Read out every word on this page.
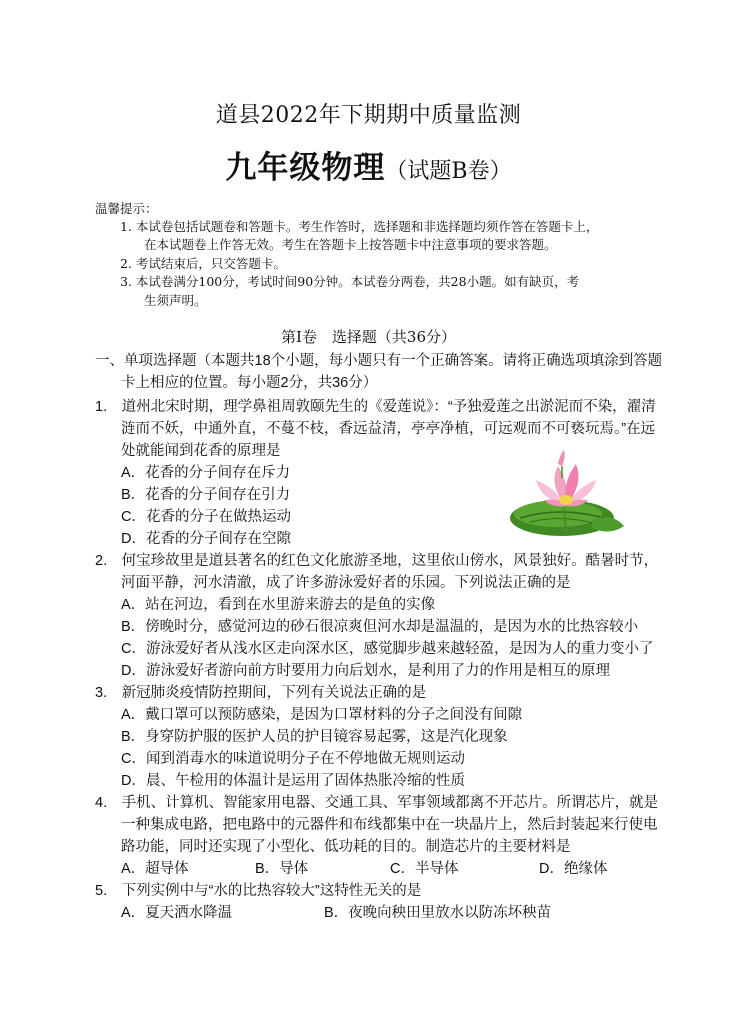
道县2022年下期期中质量监测
九年级物理（试题B卷）
温馨提示：
1. 本试卷包括试题卷和答题卡。考生作答时，选择题和非选择题均须作答在答题卡上，
在本试题卷上作答无效。考生在答题卡上按答题卡中注意事项的要求答题。
2. 考试结束后，只交答题卡。
3. 本试卷满分100分，考试时间90分钟。本试卷分两卷，共28小题。如有缺页，考
生须声明。
第Ⅰ卷　选择题（共36分）
一、单项选择题（本题共18个小题，每小题只有一个正确答案。请将正确选项填涂到答题
卡上相应的位置。每小题2分，共36分）
1.　道州北宋时期，理学鼻祖周敦颐先生的《爱莲说》：“予独爱莲之出淤泥而不染，濯清
涟而不妖，中通外直，不蔓不枝，香远益清，亭亭净植，可远观而不可亵玩焉。”在远
处就能闻到花香的原理是
A．花香的分子间存在斥力
B．花香的分子间存在引力
C．花香的分子在做热运动
D．花香的分子间存在空隙
2.　何宝珍故里是道县著名的红色文化旅游圣地，这里依山傍水，风景独好。酷暑时节，
河面平静，河水清澈，成了许多游泳爱好者的乐园。下列说法正确的是
A．站在河边，看到在水里游来游去的是鱼的实像
B．傍晚时分，感觉河边的砂石很凉爽但河水却是温温的，是因为水的比热容较小
C．游泳爱好者从浅水区走向深水区，感觉脚步越来越轻盈，是因为人的重力变小了
D．游泳爱好者游向前方时要用力向后划水，是利用了力的作用是相互的原理
3.　新冠肺炎疫情防控期间，下列有关说法正确的是
A．戴口罩可以预防感染，是因为口罩材料的分子之间没有间隙
B．身穿防护服的医护人员的护目镜容易起雾，这是汽化现象
C．闻到消毒水的味道说明分子在不停地做无规则运动
D．晨、午检用的体温计是运用了固体热胀冷缩的性质
4.　手机、计算机、智能家用电器、交通工具、军事领域都离不开芯片。所谓芯片，就是
一种集成电路，把电路中的元器件和布线都集中在一块晶片上，然后封装起来行使电
路功能，同时还实现了小型化、低功耗的目的。制造芯片的主要材料是
A．超导体	B．导体	C．半导体	D．绝缘体
5.　下列实例中与“水的比热容较大”这特性无关的是
A．夏天洒水降温	B．夜晚向秧田里放水以防冻坏秧苗
